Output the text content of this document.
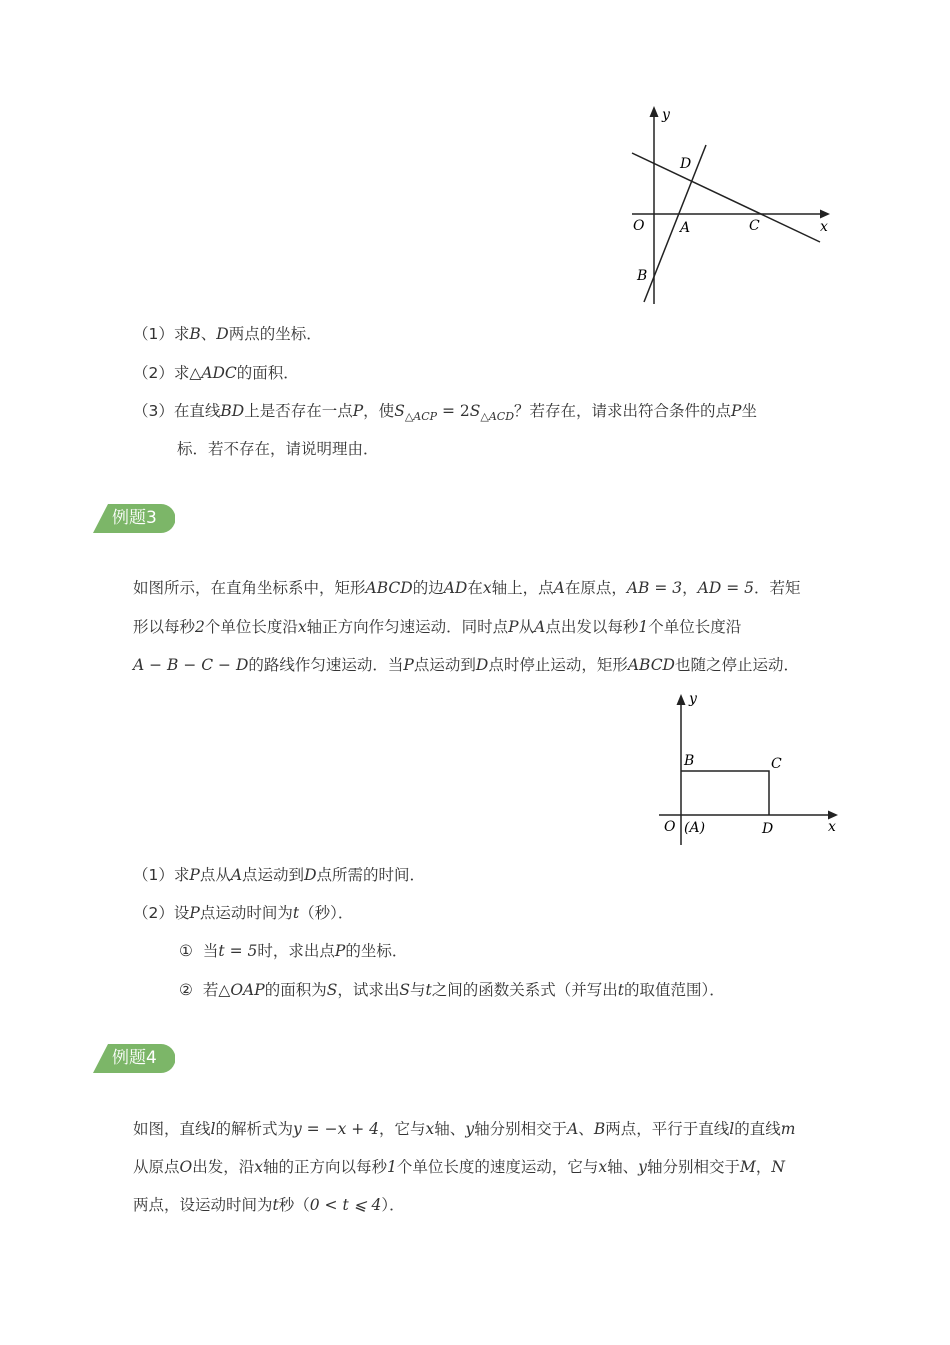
y
x
D
O	A	C
B
（1）求B、D两点的坐标．
（2）求△ADC的面积．
（3）在直线BD上是否存在一点P，使$S_{\triangle ACP} = 2S_{\triangle ACD}$？若存在，请求出符合条件的点P坐
标．若不存在，请说明理由．
例题3
如图所示，在直角坐标系中，矩形ABCD的边AD在x轴上，点A在原点，AB = 3，AD = 5．若矩
形以每秒2个单位长度沿x轴正方向作匀速运动．同时点P从A点出发以每秒1个单位长度沿
A − B − C − D的路线作匀速运动．当P点运动到D点时停止运动，矩形ABCD也随之停止运动．
y
B	C
O (A)	D	x
（1）求P点从A点运动到D点所需的时间．
（2）设P点运动时间为t（秒）．
① 当t = 5时，求出点P的坐标．
② 若△OAP的面积为S，试求出S与t之间的函数关系式（并写出t的取值范围）．
例题4
如图，直线l的解析式为y = −x + 4，它与x轴、y轴分别相交于A、B两点，平行于直线l的直线m
从原点O出发，沿x轴的正方向以每秒1个单位长度的速度运动，它与x轴、y轴分别相交于M，N
两点，设运动时间为t秒（0 < t ⩽ 4）．
